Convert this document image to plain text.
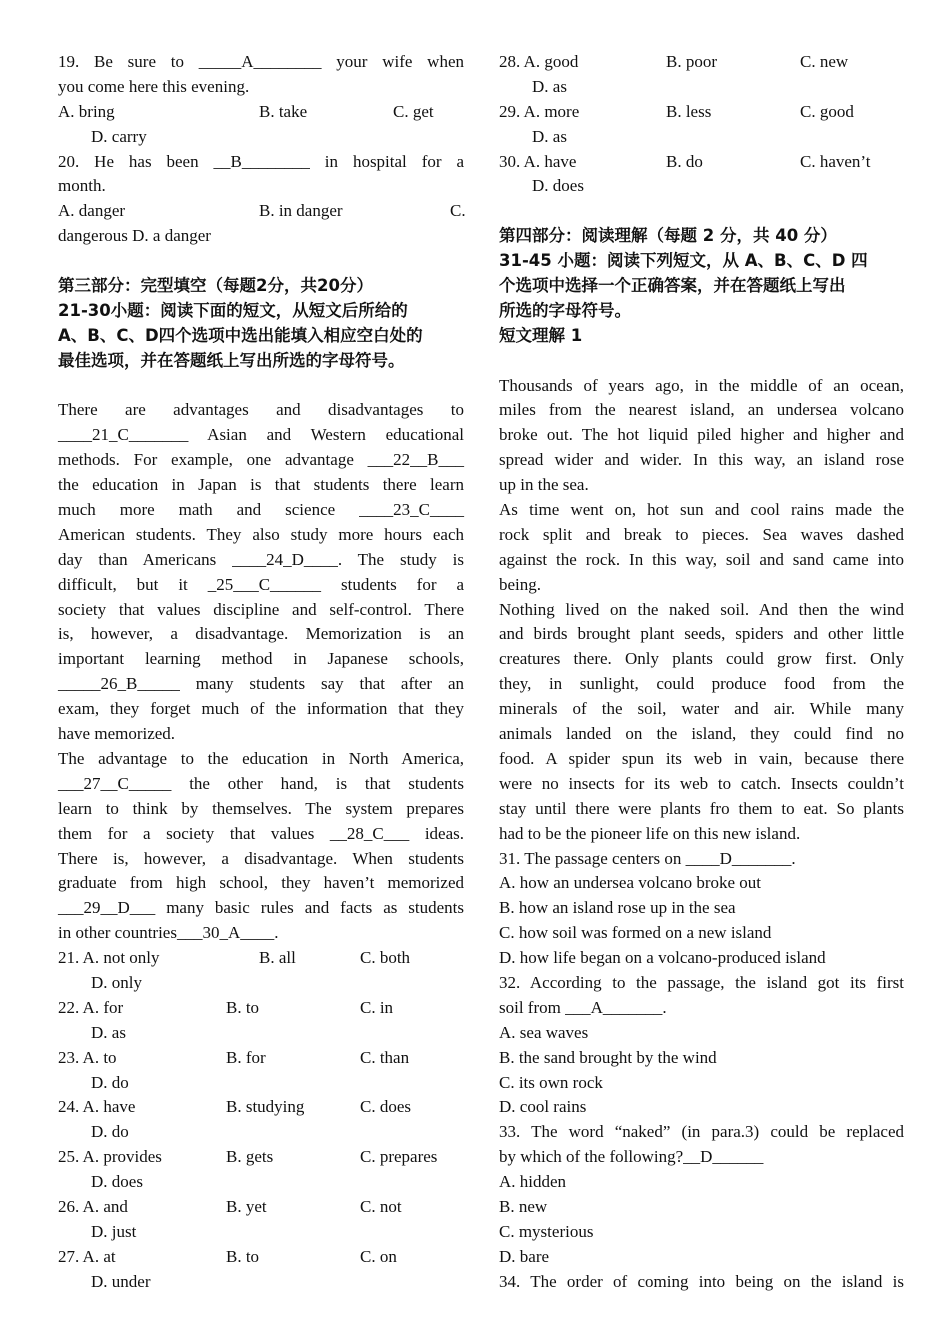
19. Be sure to _____A________ your wife when
you come here this evening.
A. bring	B. take	C. get
D. carry
20. He has been __B________ in hospital for a
month.
A. danger	B. in danger	C.
dangerous D. a danger
第三部分：完型填空（每题2分，共20分）
21-30小题：阅读下面的短文，从短文后所给的
A、B、C、D四个选项中选出能填入相应空白处的
最佳选项，并在答题纸上写出所选的字母符号。
There are advantages and disadvantages to
____21_C_______ Asian and Western educational
methods. For example, one advantage ___22__B___
the education in Japan is that students there learn
much more math and science ____23_C____
American students. They also study more hours each
day than Americans ____24_D____. The study is
difficult, but it _25___C______ students for a
society that values discipline and self-control. There
is, however, a disadvantage. Memorization is an
important learning method in Japanese schools,
_____26_B_____ many students say that after an
exam, they forget much of the information that they
have memorized.
The advantage to the education in North America,
___27__C_____ the other hand, is that students
learn to think by themselves. The system prepares
them for a society that values __28_C___ ideas.
There is, however, a disadvantage. When students
graduate from high school, they haven’t memorized
___29__D___ many basic rules and facts as students
in other countries___30_A____.
21. A. not only	B. all	C. both
D. only
22. A. for	B. to	C. in
D. as
23. A. to	B. for	C. than
D. do
24. A. have	B. studying	C. does
D. do
25. A. provides	B. gets	C. prepares
D. does
26. A. and	B. yet	C. not
D. just
27. A. at	B. to	C. on
D. under
28. A. good	B. poor	C. new
D. as
29. A. more	B. less	C. good
D. as
30. A. have	B. do	C. haven’t
D. does
第四部分：阅读理解（每题 2 分，共 40 分）
31-45 小题：阅读下列短文，从 A、B、C、D 四
个选项中选择一个正确答案，并在答题纸上写出
所选的字母符号。
短文理解 1
Thousands of years ago, in the middle of an ocean,
miles from the nearest island, an undersea volcano
broke out. The hot liquid piled higher and higher and
spread wider and wider. In this way, an island rose
up in the sea.
As time went on, hot sun and cool rains made the
rock split and break to pieces. Sea waves dashed
against the rock. In this way, soil and sand came into
being.
Nothing lived on the naked soil. And then the wind
and birds brought plant seeds, spiders and other little
creatures there. Only plants could grow first. Only
they, in sunlight, could produce food from the
minerals of the soil, water and air. While many
animals landed on the island, they could find no
food. A spider spun its web in vain, because there
were no insects for its web to catch. Insects couldn’t
stay until there were plants fro them to eat. So plants
had to be the pioneer life on this new island.
31. The passage centers on ____D_______.
A. how an undersea volcano broke out
B. how an island rose up in the sea
C. how soil was formed on a new island
D. how life began on a volcano-produced island
32. According to the passage, the island got its first
soil from ___A_______.
A. sea waves
B. the sand brought by the wind
C. its own rock
D. cool rains
33. The word “naked” (in para.3) could be replaced
by which of the following?__D______
A. hidden
B. new
C. mysterious
D. bare
34. The order of coming into being on the island is
